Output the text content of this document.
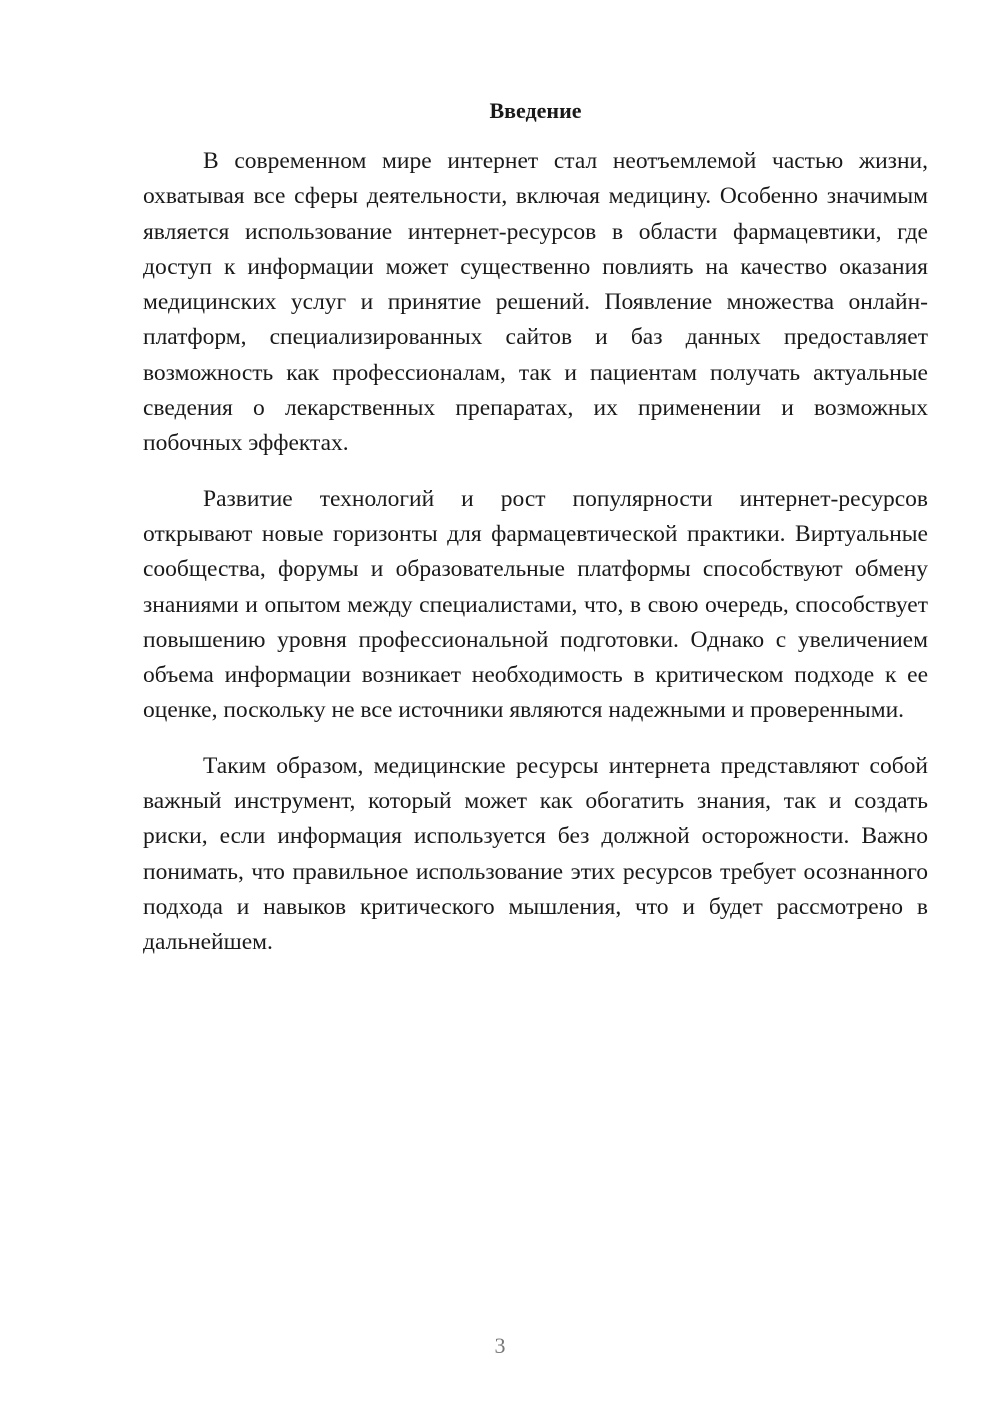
Введение

В современном мире интернет стал неотъемлемой частью жизни, охватывая все сферы деятельности, включая медицину. Особенно значимым является использование интернет-ресурсов в области фармацевтики, где доступ к информации может существенно повлиять на качество оказания медицинских услуг и принятие решений. Появление множества онлайн-платформ, специализированных сайтов и баз данных предоставляет возможность как профессионалам, так и пациентам получать актуальные сведения о лекарственных препаратах, их применении и возможных побочных эффектах.

Развитие технологий и рост популярности интернет-ресурсов открывают новые горизонты для фармацевтической практики. Виртуальные сообщества, форумы и образовательные платформы способствуют обмену знаниями и опытом между специалистами, что, в свою очередь, способствует повышению уровня профессиональной подготовки. Однако с увеличением объема информации возникает необходимость в критическом подходе к ее оценке, поскольку не все источники являются надежными и проверенными.

Таким образом, медицинские ресурсы интернета представляют собой важный инструмент, который может как обогатить знания, так и создать риски, если информация используется без должной осторожности. Важно понимать, что правильное использование этих ресурсов требует осознанного подхода и навыков критического мышления, что и будет рассмотрено в дальнейшем.

3
